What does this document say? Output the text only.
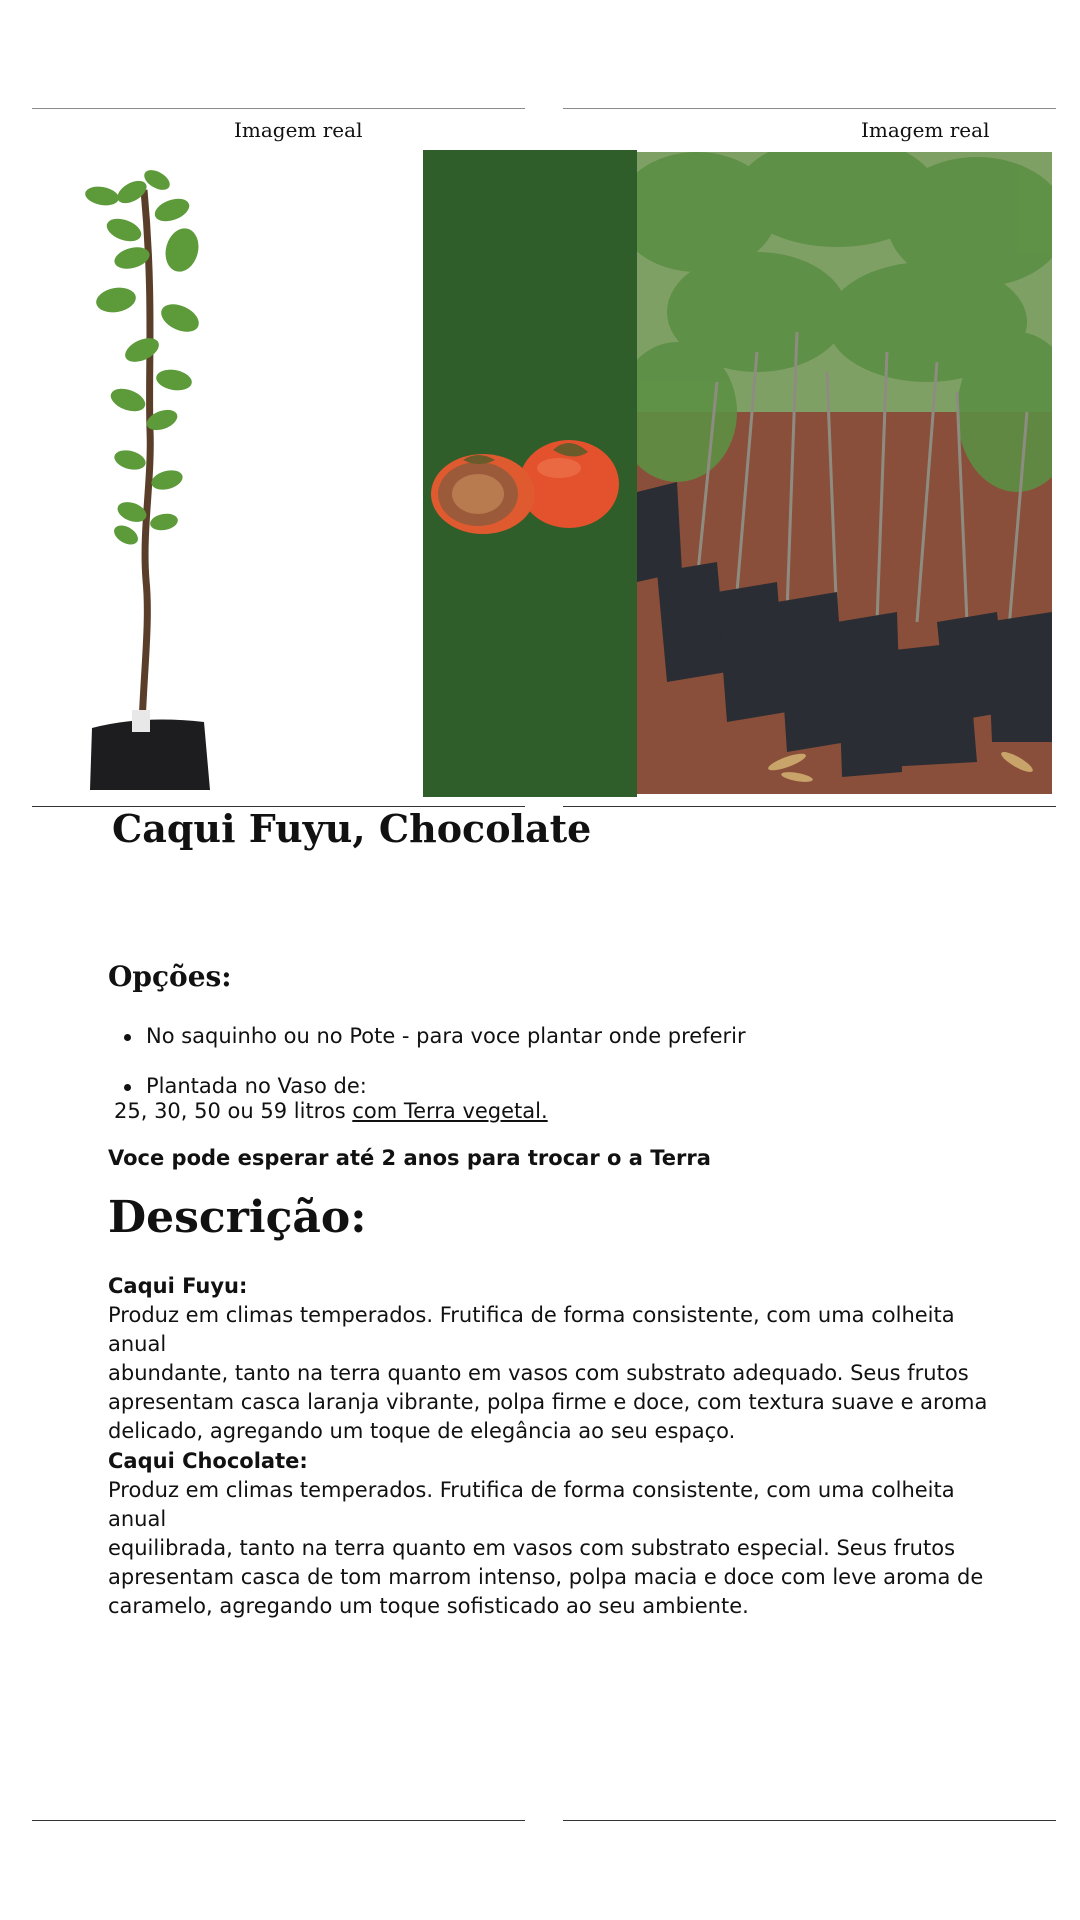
Imagem real	Imagem real
Caqui Fuyu, Chocolate
Opções:
No saquinho ou no Pote - para voce plantar onde preferir
Plantada no Vaso de:
25, 30, 50 ou 59 litros com Terra vegetal.
Voce pode esperar até 2 anos para trocar o a Terra
Descrição:
Caqui Fuyu:
Produz em climas temperados. Frutifica de forma consistente, com uma colheita anual
abundante, tanto na terra quanto em vasos com substrato adequado. Seus frutos
apresentam casca laranja vibrante, polpa firme e doce, com textura suave e aroma
delicado, agregando um toque de elegância ao seu espaço.
Caqui Chocolate:
Produz em climas temperados. Frutifica de forma consistente, com uma colheita anual
equilibrada, tanto na terra quanto em vasos com substrato especial. Seus frutos
apresentam casca de tom marrom intenso, polpa macia e doce com leve aroma de
caramelo, agregando um toque sofisticado ao seu ambiente.
